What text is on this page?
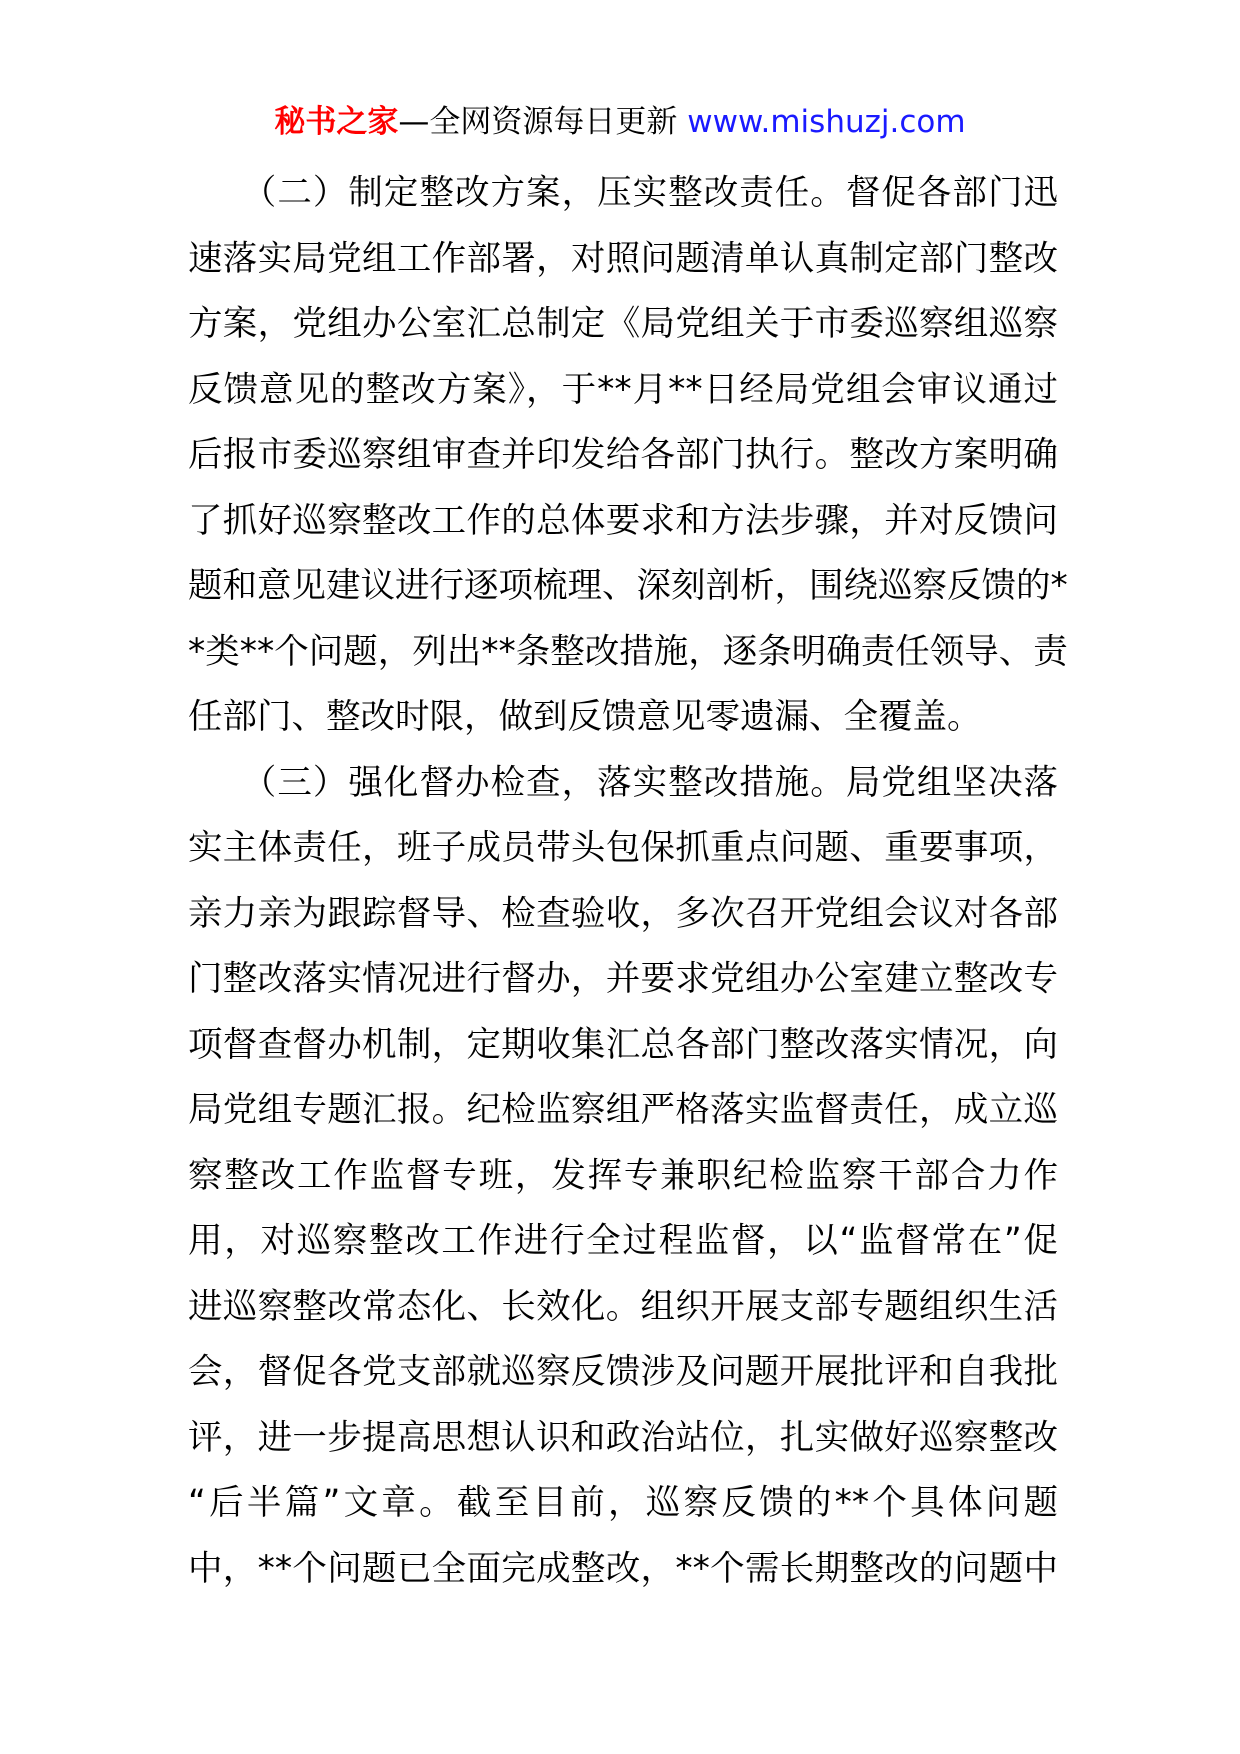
秘书之家—全网资源每日更新 www.mishuzj.com
　　（二）制定整改方案，压实整改责任。督促各部门迅
速落实局党组工作部署，对照问题清单认真制定部门整改
方案，党组办公室汇总制定《局党组关于市委巡察组巡察
反馈意见的整改方案》，于**月**日经局党组会审议通过
后报市委巡察组审查并印发给各部门执行。整改方案明确
了抓好巡察整改工作的总体要求和方法步骤，并对反馈问
题和意见建议进行逐项梳理、深刻剖析，围绕巡察反馈的*
*类**个问题，列出**条整改措施，逐条明确责任领导、责
任部门、整改时限，做到反馈意见零遗漏、全覆盖。
　　（三）强化督办检查，落实整改措施。局党组坚决落
实主体责任，班子成员带头包保抓重点问题、重要事项，
亲力亲为跟踪督导、检查验收，多次召开党组会议对各部
门整改落实情况进行督办，并要求党组办公室建立整改专
项督查督办机制，定期收集汇总各部门整改落实情况，向
局党组专题汇报。纪检监察组严格落实监督责任，成立巡
察整改工作监督专班，发挥专兼职纪检监察干部合力作
用，对巡察整改工作进行全过程监督，以“监督常在”促
进巡察整改常态化、长效化。组织开展支部专题组织生活
会，督促各党支部就巡察反馈涉及问题开展批评和自我批
评，进一步提高思想认识和政治站位，扎实做好巡察整改
“后半篇”文章。截至目前，巡察反馈的**个具体问题
中，**个问题已全面完成整改，**个需长期整改的问题中
